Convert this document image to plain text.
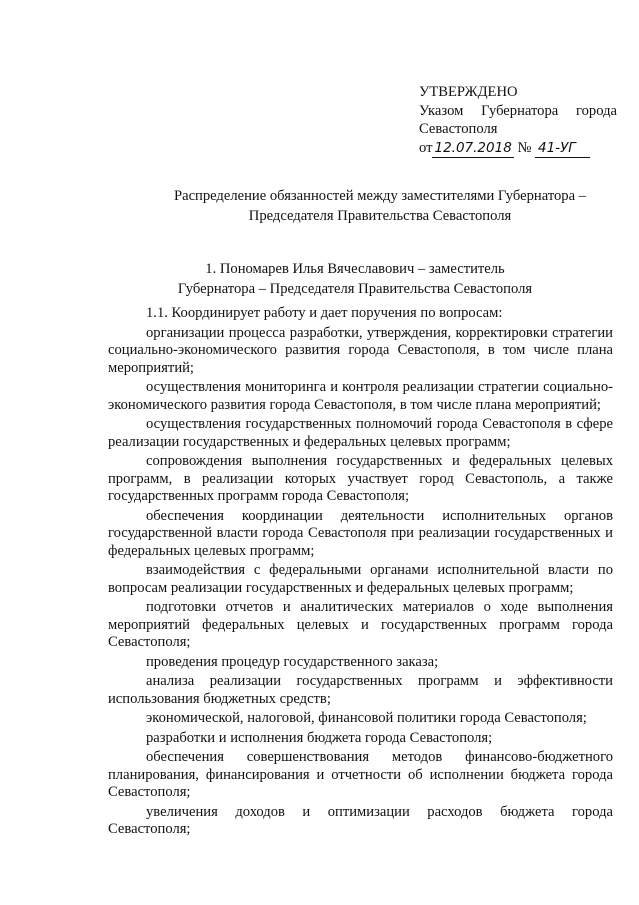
УТВЕРЖДЕНО
Указом Губернатора города
Севастополя
от 12.07.2018 № 41-УГ
Распределение обязанностей между заместителями Губернатора –
Председателя Правительства Севастополя
1. Пономарев Илья Вячеславович – заместитель
Губернатора – Председателя Правительства Севастополя

1.1. Координирует работу и дает поручения по вопросам:

организации процесса разработки, утверждения, корректировки стратегии социально-экономического развития города Севастополя, в том числе плана мероприятий;

осуществления мониторинга и контроля реализации стратегии социально-экономического развития города Севастополя, в том числе плана мероприятий;

осуществления государственных полномочий города Севастополя в сфере реализации государственных и федеральных целевых программ;

сопровождения выполнения государственных и федеральных целевых программ, в реализации которых участвует город Севастополь, а также государственных программ города Севастополя;

обеспечения координации деятельности исполнительных органов государственной власти города Севастополя при реализации государственных и федеральных целевых программ;

взаимодействия с федеральными органами исполнительной власти по вопросам реализации государственных и федеральных целевых программ;

подготовки отчетов и аналитических материалов о ходе выполнения мероприятий федеральных целевых и государственных программ города Севастополя;

проведения процедур государственного заказа;

анализа реализации государственных программ и эффективности использования бюджетных средств;

экономической, налоговой, финансовой политики города Севастополя;

разработки и исполнения бюджета города Севастополя;

обеспечения совершенствования методов финансово-бюджетного планирования, финансирования и отчетности об исполнении бюджета города Севастополя;

увеличения доходов и оптимизации расходов бюджета города Севастополя;
